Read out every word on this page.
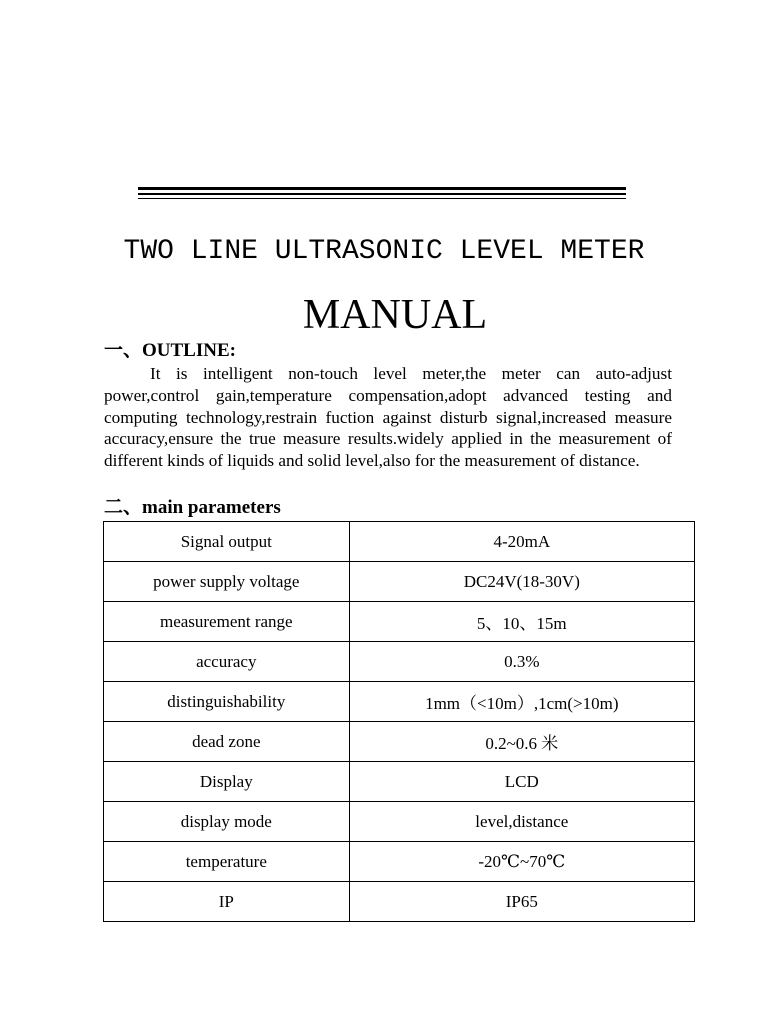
TWO LINE ULTRASONIC LEVEL METER
MANUAL
一、OUTLINE:

It is intelligent non-touch level meter,the meter can auto-adjust power,control gain,temperature compensation,adopt advanced testing and computing technology,restrain fuction against disturb signal,increased measure accuracy,ensure the true measure results.widely applied in the measurement of different kinds of liquids and solid level,also for the measurement of distance.

二、main parameters
Signal output	4-20mA
power supply voltage	DC24V(18-30V)
measurement range	5、10、15m
accuracy	0.3%
distinguishability	1mm（<10m）,1cm(>10m)
dead zone	0.2~0.6 米
Display	LCD
display mode	level,distance
temperature	-20℃~70℃
IP	IP65
